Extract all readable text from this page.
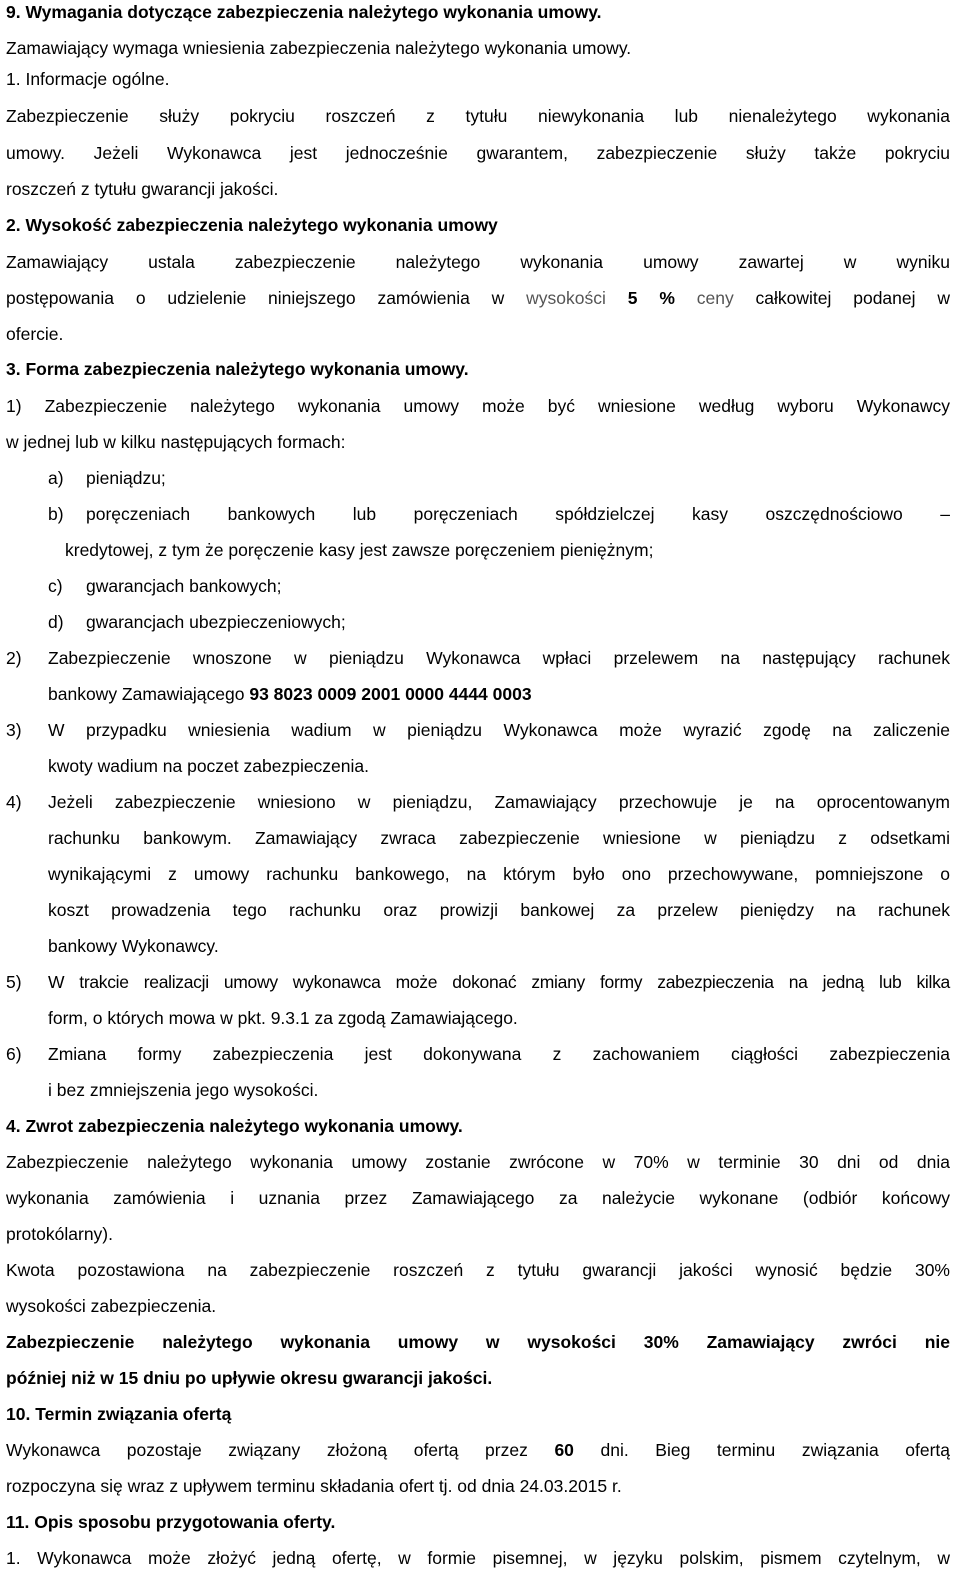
9. Wymagania dotyczące zabezpieczenia należytego wykonania umowy.
Zamawiający wymaga wniesienia zabezpieczenia należytego wykonania umowy.
1. Informacje ogólne.
Zabezpieczenie służy pokryciu roszczeń z tytułu niewykonania lub nienależytego wykonania
umowy. Jeżeli Wykonawca jest jednocześnie gwarantem, zabezpieczenie służy także pokryciu
roszczeń z tytułu gwarancji jakości.
2. Wysokość zabezpieczenia należytego wykonania umowy
Zamawiający ustala zabezpieczenie należytego wykonania umowy zawartej w wyniku
postępowania o udzielenie niniejszego zamówienia w wysokości 5 % ceny całkowitej podanej w
ofercie.
3. Forma zabezpieczenia należytego wykonania umowy.
1) Zabezpieczenie należytego wykonania umowy może być wniesione według wyboru Wykonawcy
w jednej lub w kilku następujących formach:
a) pieniądzu;
b) poręczeniach bankowych lub poręczeniach spółdzielczej kasy oszczędnościowo –
kredytowej, z tym że poręczenie kasy jest zawsze poręczeniem pieniężnym;
c) gwarancjach bankowych;
d) gwarancjach ubezpieczeniowych;
2) Zabezpieczenie wnoszone w pieniądzu Wykonawca wpłaci przelewem na następujący rachunek
bankowy Zamawiającego 93 8023 0009 2001 0000 4444 0003
3) W przypadku wniesienia wadium w pieniądzu Wykonawca może wyrazić zgodę na zaliczenie
kwoty wadium na poczet zabezpieczenia.
4) Jeżeli zabezpieczenie wniesiono w pieniądzu, Zamawiający przechowuje je na oprocentowanym
rachunku bankowym. Zamawiający zwraca zabezpieczenie wniesione w pieniądzu z odsetkami
wynikającymi z umowy rachunku bankowego, na którym było ono przechowywane, pomniejszone o
koszt prowadzenia tego rachunku oraz prowizji bankowej za przelew pieniędzy na rachunek
bankowy Wykonawcy.
5) W trakcie realizacji umowy wykonawca może dokonać zmiany formy zabezpieczenia na jedną lub kilka
form, o których mowa w pkt. 9.3.1 za zgodą Zamawiającego.
6) Zmiana formy zabezpieczenia jest dokonywana z zachowaniem ciągłości zabezpieczenia
i bez zmniejszenia jego wysokości.
4. Zwrot zabezpieczenia należytego wykonania umowy.
Zabezpieczenie należytego wykonania umowy zostanie zwrócone w 70% w terminie 30 dni od dnia
wykonania zamówienia i uznania przez Zamawiającego za należycie wykonane (odbiór końcowy
protokólarny).
Kwota pozostawiona na zabezpieczenie roszczeń z tytułu gwarancji jakości wynosić będzie 30%
wysokości zabezpieczenia.
Zabezpieczenie należytego wykonania umowy w wysokości 30% Zamawiający zwróci nie
później niż w 15 dniu po upływie okresu gwarancji jakości.
10. Termin związania ofertą
Wykonawca pozostaje związany złożoną ofertą przez 60 dni. Bieg terminu związania ofertą
rozpoczyna się wraz z upływem terminu składania ofert tj. od dnia 24.03.2015 r.
11. Opis sposobu przygotowania oferty.
1. Wykonawca może złożyć jedną ofertę, w formie pisemnej, w języku polskim, pismem czytelnym, w
